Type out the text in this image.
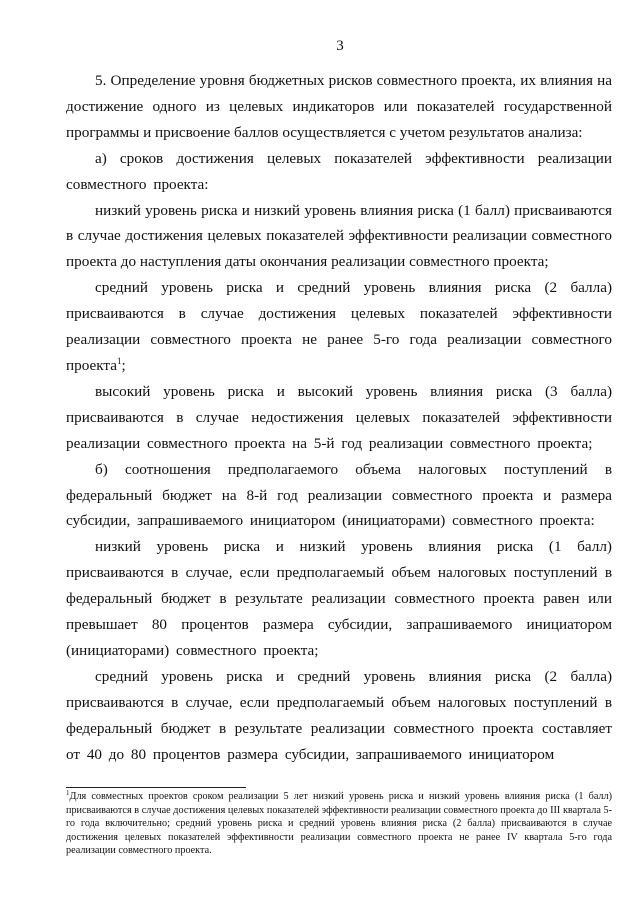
3

5. Определение уровня бюджетных рисков совместного проекта, их влияния на достижение одного из целевых индикаторов или показателей государственной программы и присвоение баллов осуществляется с учетом результатов анализа:

а) сроков достижения целевых показателей эффективности реализации совместного проекта:

низкий уровень риска и низкий уровень влияния риска (1 балл) присваиваются в случае достижения целевых показателей эффективности реализации совместного проекта до наступления даты окончания реализации совместного проекта;

средний уровень риска и средний уровень влияния риска (2 балла) присваиваются в случае достижения целевых показателей эффективности реализации совместного проекта не ранее 5-го года реализации совместного проекта$^1$;

высокий уровень риска и высокий уровень влияния риска (3 балла) присваиваются в случае недостижения целевых показателей эффективности реализации совместного проекта на 5-й год реализации совместного проекта;

б) соотношения предполагаемого объема налоговых поступлений в федеральный бюджет на 8-й год реализации совместного проекта и размера субсидии, запрашиваемого инициатором (инициаторами) совместного проекта:

низкий уровень риска и низкий уровень влияния риска (1 балл) присваиваются в случае, если предполагаемый объем налоговых поступлений в федеральный бюджет в результате реализации совместного проекта равен или превышает 80 процентов размера субсидии, запрашиваемого инициатором (инициаторами) совместного проекта;

средний уровень риска и средний уровень влияния риска (2 балла) присваиваются в случае, если предполагаемый объем налоговых поступлений в федеральный бюджет в результате реализации совместного проекта составляет от 40 до 80 процентов размера субсидии, запрашиваемого инициатором

$^1$Для совместных проектов сроком реализации 5 лет низкий уровень риска и низкий уровень влияния риска (1 балл) присваиваются в случае достижения целевых показателей эффективности реализации совместного проекта до III квартала 5-го года включительно; средний уровень риска и средний уровень влияния риска (2 балла) присваиваются в случае достижения целевых показателей эффективности реализации совместного проекта не ранее IV квартала 5-го года реализации совместного проекта.
